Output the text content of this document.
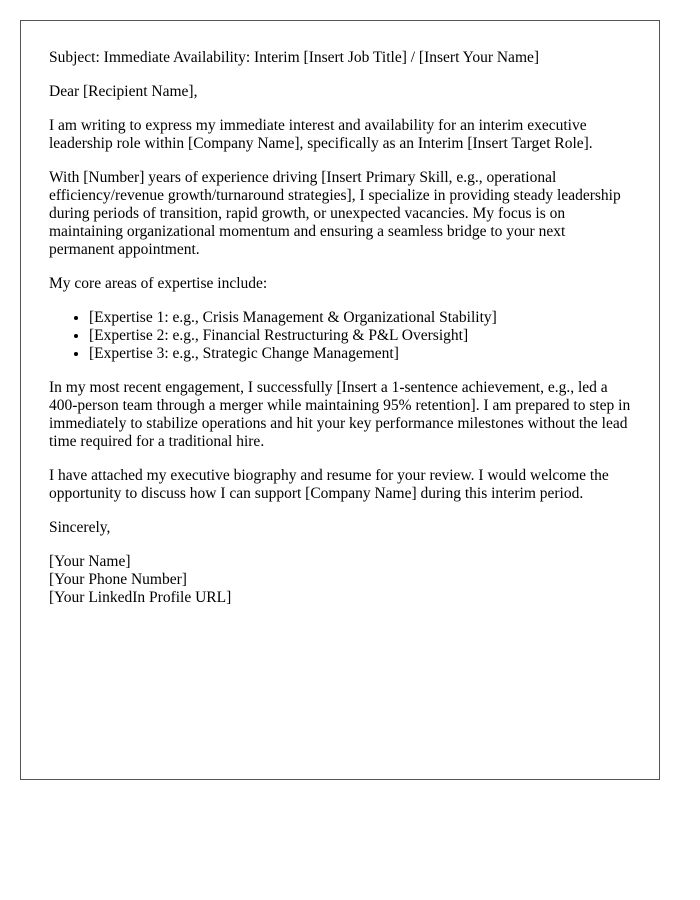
Subject: Immediate Availability: Interim [Insert Job Title] / [Insert Your Name]

Dear [Recipient Name],

I am writing to express my immediate interest and availability for an interim executive leadership role within [Company Name], specifically as an Interim [Insert Target Role].

With [Number] years of experience driving [Insert Primary Skill, e.g., operational efficiency/revenue growth/turnaround strategies], I specialize in providing steady leadership during periods of transition, rapid growth, or unexpected vacancies. My focus is on maintaining organizational momentum and ensuring a seamless bridge to your next permanent appointment.

My core areas of expertise include:

• [Expertise 1: e.g., Crisis Management & Organizational Stability]
• [Expertise 2: e.g., Financial Restructuring & P&L Oversight]
• [Expertise 3: e.g., Strategic Change Management]

In my most recent engagement, I successfully [Insert a 1-sentence achievement, e.g., led a 400-person team through a merger while maintaining 95% retention]. I am prepared to step in immediately to stabilize operations and hit your key performance milestones without the lead time required for a traditional hire.

I have attached my executive biography and resume for your review. I would welcome the opportunity to discuss how I can support [Company Name] during this interim period.

Sincerely,

[Your Name]
[Your Phone Number]
[Your LinkedIn Profile URL]
